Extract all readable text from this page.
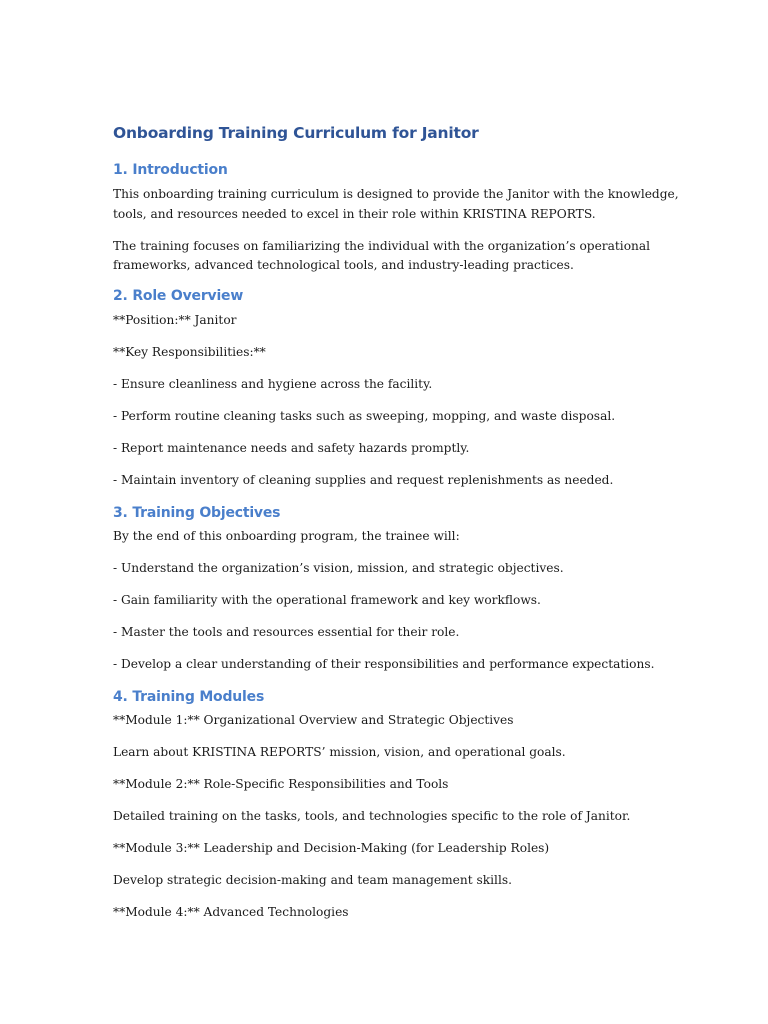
Onboarding Training Curriculum for Janitor
1. Introduction

This onboarding training curriculum is designed to provide the Janitor with the knowledge,

tools, and resources needed to excel in their role within KRISTINA REPORTS.

The training focuses on familiarizing the individual with the organization’s operational

frameworks, advanced technological tools, and industry-leading practices.

2. Role Overview

**Position:** Janitor

**Key Responsibilities:**

- Ensure cleanliness and hygiene across the facility.

- Perform routine cleaning tasks such as sweeping, mopping, and waste disposal.

- Report maintenance needs and safety hazards promptly.

- Maintain inventory of cleaning supplies and request replenishments as needed.

3. Training Objectives

By the end of this onboarding program, the trainee will:

- Understand the organization’s vision, mission, and strategic objectives.

- Gain familiarity with the operational framework and key workflows.

- Master the tools and resources essential for their role.

- Develop a clear understanding of their responsibilities and performance expectations.

4. Training Modules

**Module 1:** Organizational Overview and Strategic Objectives

Learn about KRISTINA REPORTS’ mission, vision, and operational goals.

**Module 2:** Role-Specific Responsibilities and Tools

Detailed training on the tasks, tools, and technologies specific to the role of Janitor.

**Module 3:** Leadership and Decision-Making (for Leadership Roles)

Develop strategic decision-making and team management skills.

**Module 4:** Advanced Technologies
